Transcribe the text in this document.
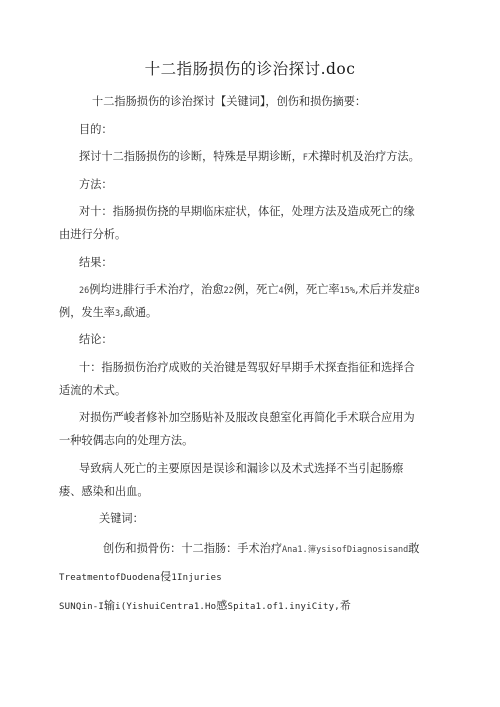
十二指肠损伤的诊治探讨.doc
十二指肠损伤的诊治探讨【关键词】，创伤和损伤摘要：
目的：
探讨十二指肠损伤的诊断，特殊是早期诊断，F术撵时机及治疗方法。
方法：
对十：指肠损伤挠的早期临床症状，体征，处理方法及造成死亡的缘
由进行分析。
结果：
26例均进腓行手术治疗，治愈22例，死亡4例，死亡率15%,术后并发症8
例，发生率3,歃通。
结论：
十：指肠损伤治疗成败的关治键是驾驭好早期手术探查指征和选择合
适流的术式。
对损伤严峻者修补加空肠贴补及服改良憩室化再简化手术联合应用为
一种较偶志向的处理方法。
导致病人死亡的主要原因是误诊和漏诊以及术式选择不当引起肠瘵
瘘、感染和出血。
关键词：
创伤和损骨伤：十二指肠：手术治疗Ana1.簿ysisofDiagnosisand敢
TreatmentofDuodena侵1Injuries
SUNQin-I输i(YishuiCentra1.Ho感Spita1.of1.inyiCity,希
